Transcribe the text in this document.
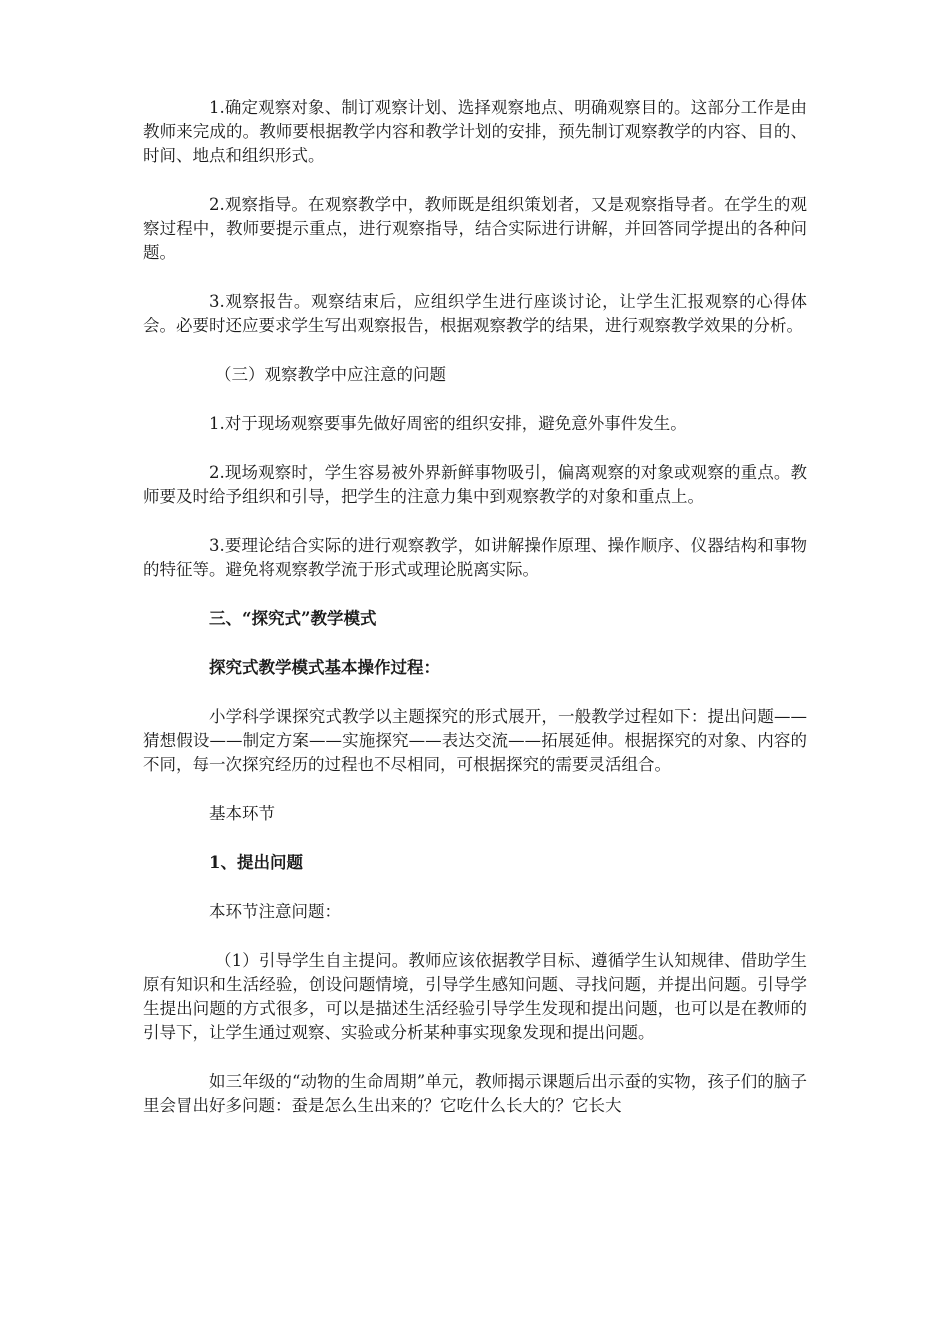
1.确定观察对象、制订观察计划、选择观察地点、明确观察目的。这部分工作是由教师来完成的。教师要根据教学内容和教学计划的安排，预先制订观察教学的内容、目的、时间、地点和组织形式。

2.观察指导。在观察教学中，教师既是组织策划者，又是观察指导者。在学生的观察过程中，教师要提示重点，进行观察指导，结合实际进行讲解，并回答同学提出的各种问题。

3.观察报告。观察结束后，应组织学生进行座谈讨论，让学生汇报观察的心得体会。必要时还应要求学生写出观察报告，根据观察教学的结果，进行观察教学效果的分析。

（三）观察教学中应注意的问题

1.对于现场观察要事先做好周密的组织安排，避免意外事件发生。

2.现场观察时，学生容易被外界新鲜事物吸引，偏离观察的对象或观察的重点。教师要及时给予组织和引导，把学生的注意力集中到观察教学的对象和重点上。

3.要理论结合实际的进行观察教学，如讲解操作原理、操作顺序、仪器结构和事物的特征等。避免将观察教学流于形式或理论脱离实际。

三、“探究式”教学模式

探究式教学模式基本操作过程：

小学科学课探究式教学以主题探究的形式展开，一般教学过程如下：提出问题——猜想假设——制定方案——实施探究——表达交流——拓展延伸。根据探究的对象、内容的不同，每一次探究经历的过程也不尽相同，可根据探究的需要灵活组合。

基本环节

1、提出问题

本环节注意问题：

（1）引导学生自主提问。教师应该依据教学目标、遵循学生认知规律、借助学生原有知识和生活经验，创设问题情境，引导学生感知问题、寻找问题，并提出问题。引导学生提出问题的方式很多，可以是描述生活经验引导学生发现和提出问题，也可以是在教师的引导下，让学生通过观察、实验或分析某种事实现象发现和提出问题。

如三年级的“动物的生命周期”单元，教师揭示课题后出示蚕的实物，孩子们的脑子里会冒出好多问题：蚕是怎么生出来的？它吃什么长大的？它长大
